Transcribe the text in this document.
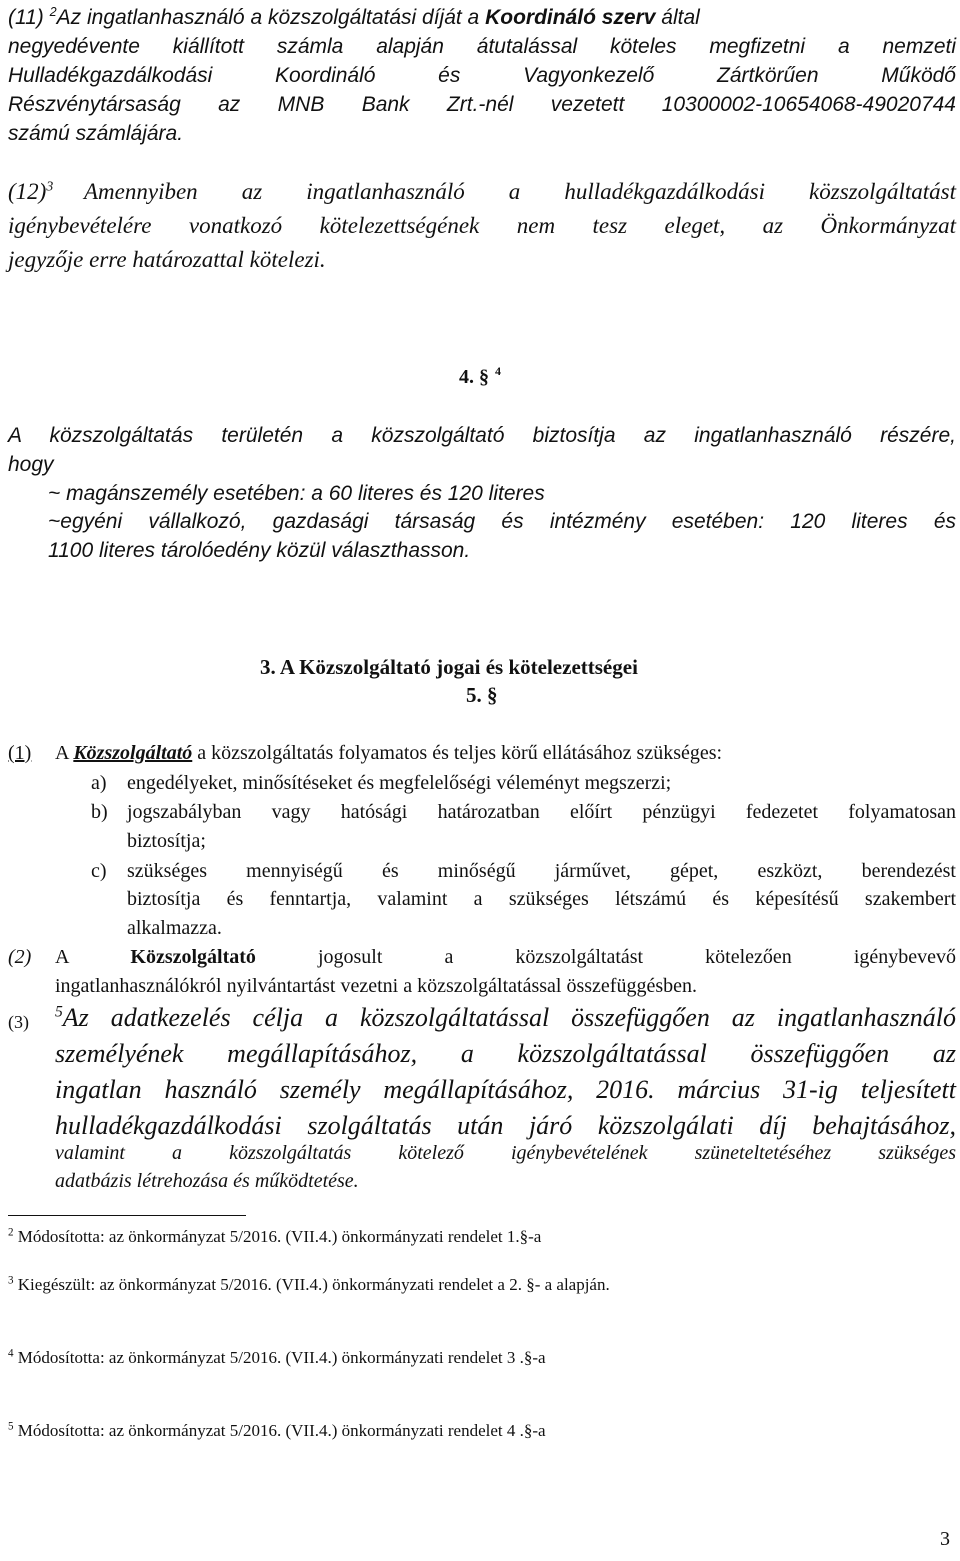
(11) $^2$Az ingatlanhasználó a közszolgáltatási díját a Koordináló szerv által
negyedévente kiállított számla alapján átutalással köteles megfizetni a nemzeti
Hulladékgazdálkodási Koordináló és Vagyonkezelő Zártkörűen Működő
Részvénytársaság az MNB Bank Zrt.-nél vezetett 10300002-10654068-49020744
számú számlájára.
$(12)^3$ Amennyiben az ingatlanhasználó a hulladékgazdálkodási közszolgáltatást
igénybevételére vonatkozó kötelezettségének nem tesz eleget, az Önkormányzat
jegyzője erre határozattal kötelezi.
4. § $^4$
A közszolgáltatás területén a közszolgáltató biztosítja az ingatlanhasználó részére,
hogy
~ magánszemély esetében: a 60 literes és 120 literes
~egyéni vállalkozó, gazdasági társaság és intézmény esetében: 120 literes és
1100 literes tárolóedény közül választhasson.
3. A Közszolgáltató jogai és kötelezettségei
5. §
(1) A Közszolgáltató a közszolgáltatás folyamatos és teljes körű ellátásához szükséges:
a) engedélyeket, minősítéseket és megfelelőségi véleményt megszerzi;
b) jogszabályban vagy hatósági határozatban előírt pénzügyi fedezetet folyamatosan
biztosítja;
c) szükséges mennyiségű és minőségű járművet, gépet, eszközt, berendezést
biztosítja és fenntartja, valamint a szükséges létszámú és képesítésű szakembert
alkalmazza.
(2) A	Közszolgáltató	jogosult a közszolgáltatást kötelezően igénybevevő
ingatlanhasználókról nyilvántartást vezetni a közszolgáltatással összefüggésben.
(3)
$^5$Az adatkezelés célja a közszolgáltatással összefüggően az ingatlanhasználó
személyének megállapításához, a közszolgáltatással összefüggően az
ingatlan használó személy megállapításához, 2016. március 31-ig teljesített
hulladékgazdálkodási szolgáltatás után járó közszolgálati díj behajtásához,
valamint a közszolgáltatás kötelező igénybevételének szüneteltetéséhez szükséges
adatbázis létrehozása és működtetése.
$^2$ Módosította: az önkormányzat 5/2016. (VII.4.) önkormányzati rendelet 1.§-a
$^3$ Kiegészült: az önkormányzat 5/2016. (VII.4.) önkormányzati rendelet a 2. §- a alapján.
$^4$ Módosította: az önkormányzat 5/2016. (VII.4.) önkormányzati rendelet 3 .§-a
$^5$ Módosította: az önkormányzat 5/2016. (VII.4.) önkormányzati rendelet 4 .§-a
3
